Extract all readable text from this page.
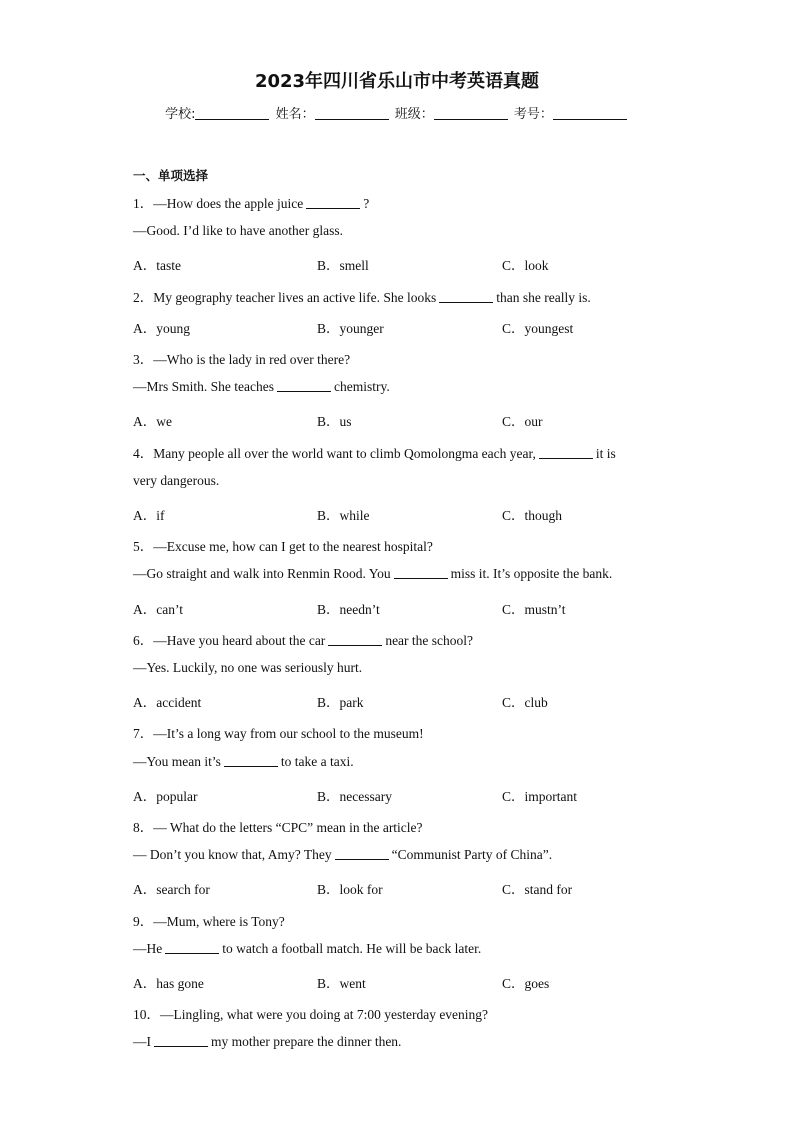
2023年四川省乐山市中考英语真题
学校:	姓名：	班级：	考号：
一、单项选择
1．—How does the apple juice	?
—Good. I’d like to have another glass.
A．taste	B．smell	C．look
2．My geography teacher lives an active life. She looks	than she really is.
A．young	B．younger	C．youngest
3．—Who is the lady in red over there?
—Mrs Smith. She teaches	chemistry.
A．we	B．us	C．our
4．Many people all over the world want to climb Qomolongma each year,	it is
very dangerous.
A．if	B．while	C．though
5．—Excuse me, how can I get to the nearest hospital?
—Go straight and walk into Renmin Rood. You	miss it. It’s opposite the bank.
A．can’t	B．needn’t	C．mustn’t
6．—Have you heard about the car	near the school?
—Yes. Luckily, no one was seriously hurt.
A．accident	B．park	C．club
7．—It’s a long way from our school to the museum!
—You mean it’s	to take a taxi.
A．popular	B．necessary	C．important
8．— What do the letters “CPC” mean in the article?
— Don’t you know that, Amy? They	“Communist Party of China”.
A．search for	B．look for	C．stand for
9．—Mum, where is Tony?
—He	to watch a football match. He will be back later.
A．has gone	B．went	C．goes
10．—Lingling, what were you doing at 7:00 yesterday evening?
—I	my mother prepare the dinner then.
